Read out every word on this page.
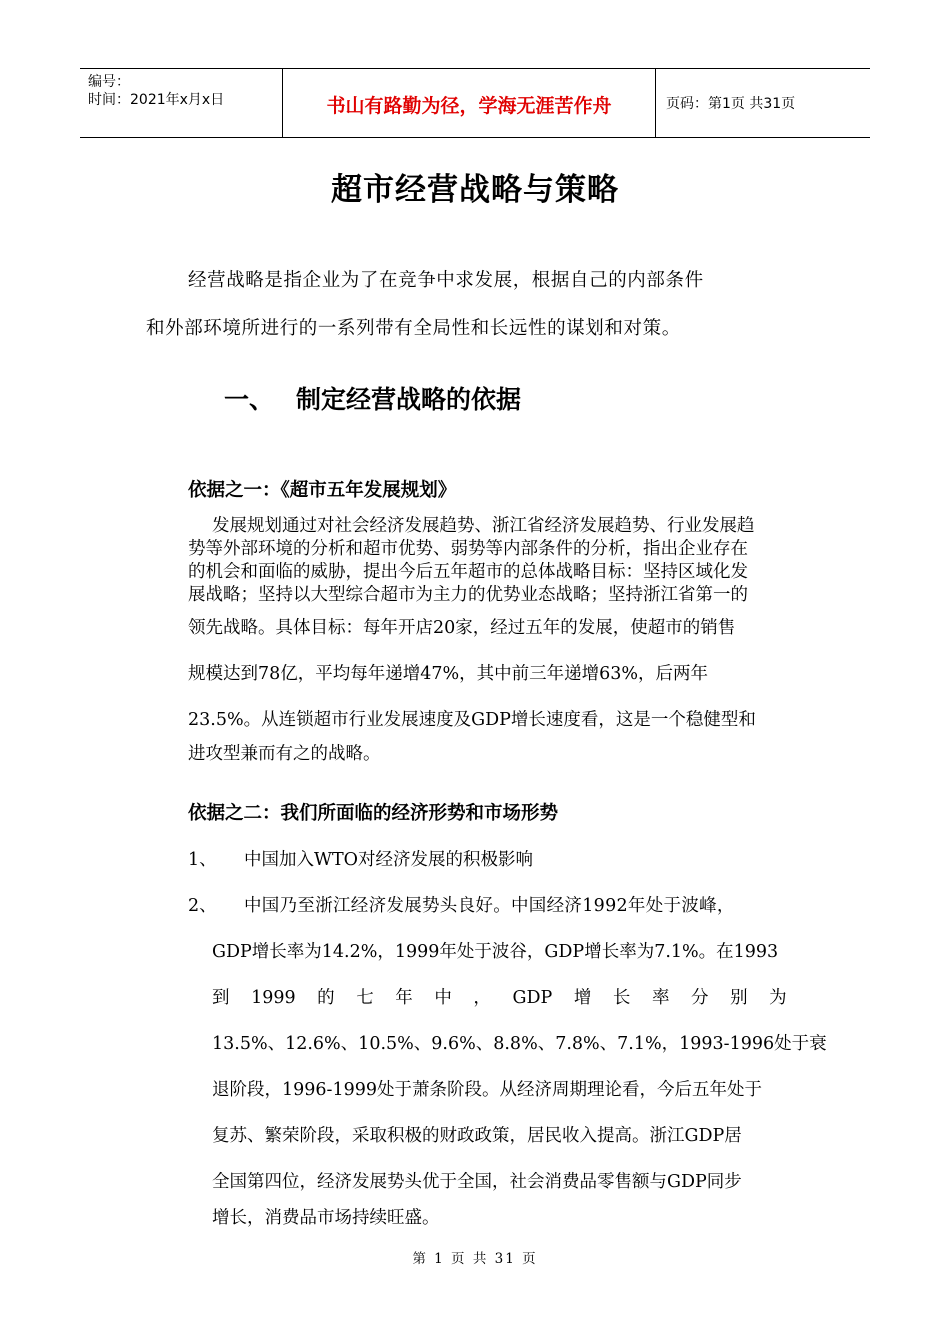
编号：
时间：2021年x月x日	书山有路勤为径，学海无涯苦作舟	页码：第1页 共31页
超市经营战略与策略
经营战略是指企业为了在竞争中求发展，根据自己的内部条件
和外部环境所进行的一系列带有全局性和长远性的谋划和对策。
一、 制定经营战略的依据
依据之一：《超市五年发展规划》
发展规划通过对社会经济发展趋势、浙江省经济发展趋势、行业发展趋
势等外部环境的分析和超市优势、弱势等内部条件的分析，指出企业存在
的机会和面临的威胁，提出今后五年超市的总体战略目标：坚持区域化发
展战略；坚持以大型综合超市为主力的优势业态战略；坚持浙江省第一的
领先战略。具体目标：每年开店20家，经过五年的发展，使超市的销售
规模达到78亿，平均每年递增47%，其中前三年递增63%，后两年
23.5%。从连锁超市行业发展速度及GDP增长速度看，这是一个稳健型和
进攻型兼而有之的战略。
依据之二：我们所面临的经济形势和市场形势
1、 中国加入WTO对经济发展的积极影响
2、 中国乃至浙江经济发展势头良好。中国经济1992年处于波峰，
GDP增长率为14.2%，1999年处于波谷，GDP增长率为7.1%。在1993
到 1999 的 七 年 中 ， GDP 增 长 率 分 别 为
13.5%、12.6%、10.5%、9.6%、8.8%、7.8%、7.1%，1993-1996处于衰
退阶段，1996-1999处于萧条阶段。从经济周期理论看，今后五年处于
复苏、繁荣阶段，采取积极的财政政策，居民收入提高。浙江GDP居
全国第四位，经济发展势头优于全国，社会消费品零售额与GDP同步
增长，消费品市场持续旺盛。
第 1 页 共 31 页
